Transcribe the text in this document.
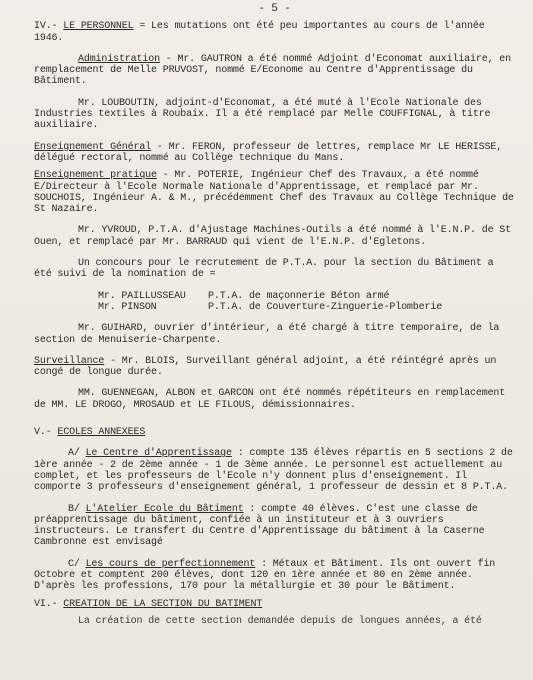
- 5 -

IV.- LE PERSONNEL = Les mutations ont été peu importantes au cours de l'année 1946.

Administration - Mr. GAUTRON a été nommé Adjoint d'Economat auxiliaire, en remplacement de Melle PRUVOST, nommé E/Econome au Centre d'Apprentissage du Bâtiment.

Mr. LOUBOUTIN, adjoint-d'Economat, a été muté à l'Ecole Nationale des Industries textiles à Roubaix. Il a été remplacé par Melle COUFFIGNAL, à titre auxiliaire.

Enseignement Général - Mr. FERON, professeur de lettres, remplace Mr LE HERISSE, délégué rectoral, nommé au Collège technique du Mans.

Enseignement pratique - Mr. POTERIE, Ingénieur Chef des Travaux, a été nommé E/Directeur à l'Ecole Normale Nationale d'Apprentissage, et remplacé par Mr. SOUCHOIS, Ingénieur A. & M., précédemment Chef des Travaux au Collège Technique de St Nazaire.

Mr. YVROUD, P.T.A. d'Ajustage Machines-Outils a été nommé à l'E.N.P. de St Ouen, et remplacé par Mr. BARRAUD qui vient de l'E.N.P. d'Egletons.

Un concours pour le recrutement de P.T.A. pour la section du Bâtiment a été suivi de la nomination de =

Mr. PAILLUSSEAU	P.T.A. de maçonnerie Béton armé
Mr. PINSON	P.T.A. de Couverture-Zinguerie-Plomberie

Mr. GUIHARD, ouvrier d'intérieur, a été chargé à titre temporaire, de la section de Menuiserie-Charpente.

Surveillance - Mr. BLOIS, Surveillant général adjoint, a été réintégré après un congé de longue durée.

MM. GUENNEGAN, ALBON et GARCON ont été nommés répétiteurs en remplacement de MM. LE DROGO, MROSAUD et LE FILOUS, démissionnaires.

V.- ECOLES ANNEXEES

A/ Le Centre d'Apprentissage : compte 135 élèves répartis en 5 sections 2 de 1ère année - 2 de 2ème année - 1 de 3ème année. Le personnel est actuellement au complet, et les professeurs de l'Ecole n'y donnent plus d'enseignement. Il comporte 3 professeurs d'enseignement général, 1 professeur de dessin et 8 P.T.A.

B/ L'Atelier Ecole du Bâtiment : compte 40 élèves. C'est une classe de préapprentissage du bâtiment, confiée à un instituteur et à 3 ouvriers instructeurs. Le transfert du Centre d'Apprentissage du bâtiment à la Caserne Cambronne est envisagé

C/ Les cours de perfectionnement : Métaux et Bâtiment. Ils ont ouvert fin Octobre et comptent 200 élèves, dont 120 en 1ère année et 80 en 2ème année. D'après les professions, 170 pour la métallurgie et 30 pour le Bâtiment.

VI.- CREATION DE LA SECTION DU BATIMENT

La création de cette section demandée depuis de longues années, a été
